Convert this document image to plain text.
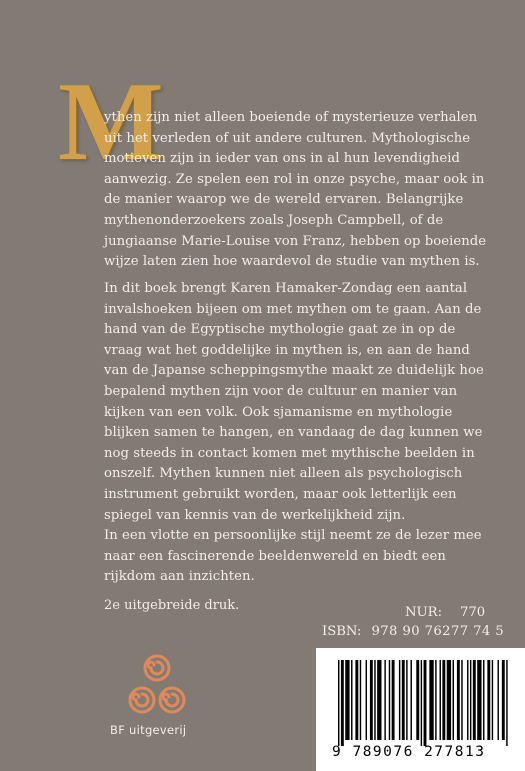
M
ythen zijn niet alleen boeiende of mysterieuze verhalen
uit het verleden of uit andere culturen. Mythologische
motieven zijn in ieder van ons in al hun levendigheid
aanwezig. Ze spelen een rol in onze psyche, maar ook in
de manier waarop we de wereld ervaren. Belangrijke
mythenonderzoekers zoals Joseph Campbell, of de
jungiaanse Marie-Louise von Franz, hebben op boeiende
wijze laten zien hoe waardevol de studie van mythen is.
In dit boek brengt Karen Hamaker-Zondag een aantal
invalshoeken bijeen om met mythen om te gaan. Aan de
hand van de Egyptische mythologie gaat ze in op de
vraag wat het goddelijke in mythen is, en aan de hand
van de Japanse scheppingsmythe maakt ze duidelijk hoe
bepalend mythen zijn voor de cultuur en manier van
kijken van een volk. Ook sjamanisme en mythologie
blijken samen te hangen, en vandaag de dag kunnen we
nog steeds in contact komen met mythische beelden in
onszelf. Mythen kunnen niet alleen als psychologisch
instrument gebruikt worden, maar ook letterlijk een
spiegel van kennis van de werkelijkheid zijn.
In een vlotte en persoonlijke stijl neemt ze de lezer mee
naar een fascinerende beeldenwereld en biedt een
rijkdom aan inzichten.
2e uitgebreide druk.	NUR: 770
ISBN: 978 90 76277 74 5
9 789076 277813
BF uitgeverij
